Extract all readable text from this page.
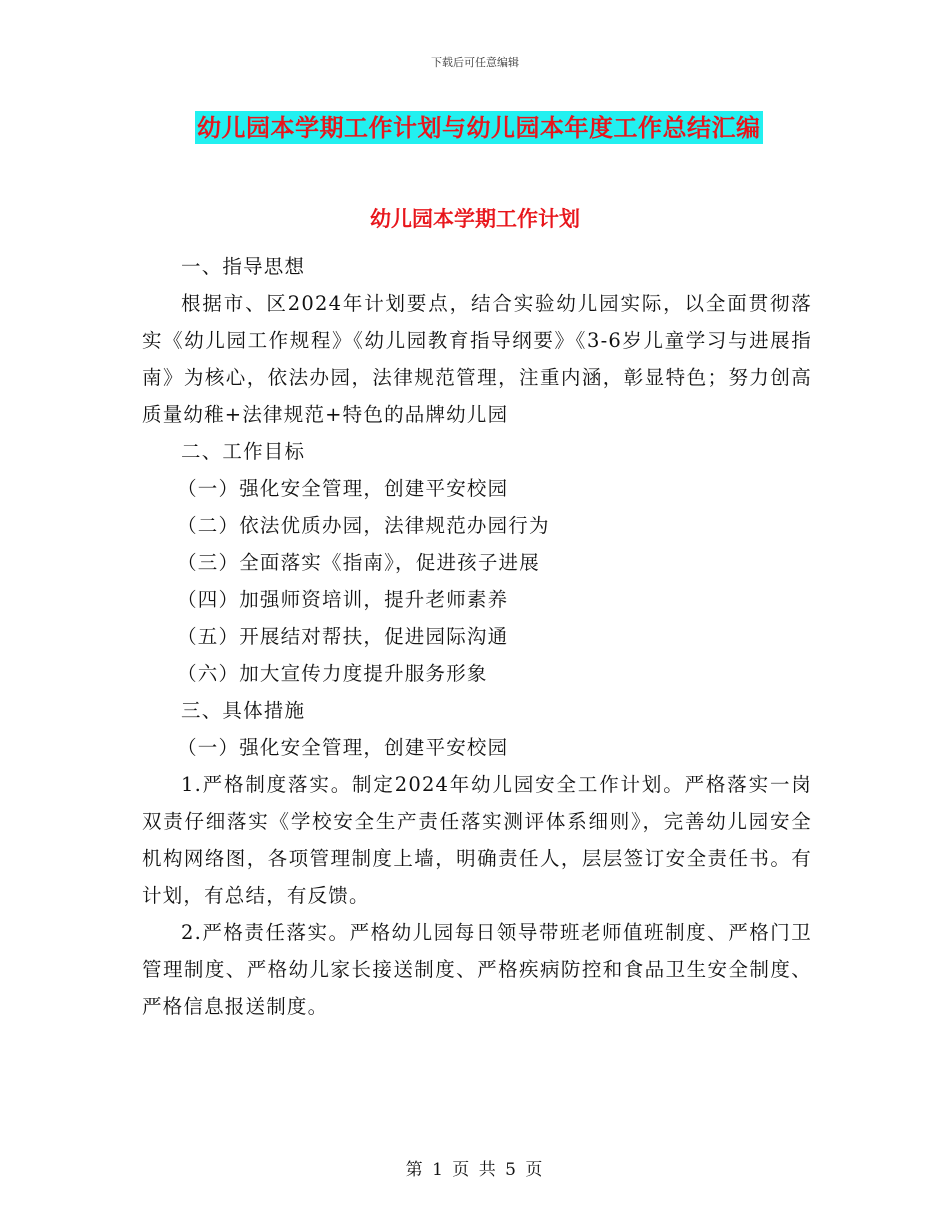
下载后可任意编辑
幼儿园本学期工作计划与幼儿园本年度工作总结汇编
幼儿园本学期工作计划

一、指导思想

根据市、区2024年计划要点，结合实验幼儿园实际，以全面贯彻落实《幼儿园工作规程》《幼儿园教育指导纲要》《3-6岁儿童学习与进展指南》为核心，依法办园，法律规范管理，注重内涵，彰显特色；努力创高质量幼稚+法律规范+特色的品牌幼儿园

二、工作目标

（一）强化安全管理，创建平安校园

（二）依法优质办园，法律规范办园行为

（三）全面落实《指南》，促进孩子进展

（四）加强师资培训，提升老师素养

（五）开展结对帮扶，促进园际沟通

（六）加大宣传力度提升服务形象

三、具体措施

（一）强化安全管理，创建平安校园

1.严格制度落实。制定2024年幼儿园安全工作计划。严格落实一岗双责仔细落实《学校安全生产责任落实测评体系细则》，完善幼儿园安全机构网络图，各项管理制度上墙，明确责任人，层层签订安全责任书。有计划，有总结，有反馈。

2.严格责任落实。严格幼儿园每日领导带班老师值班制度、严格门卫管理制度、严格幼儿家长接送制度、严格疾病防控和食品卫生安全制度、严格信息报送制度。

第 1 页 共 5 页
